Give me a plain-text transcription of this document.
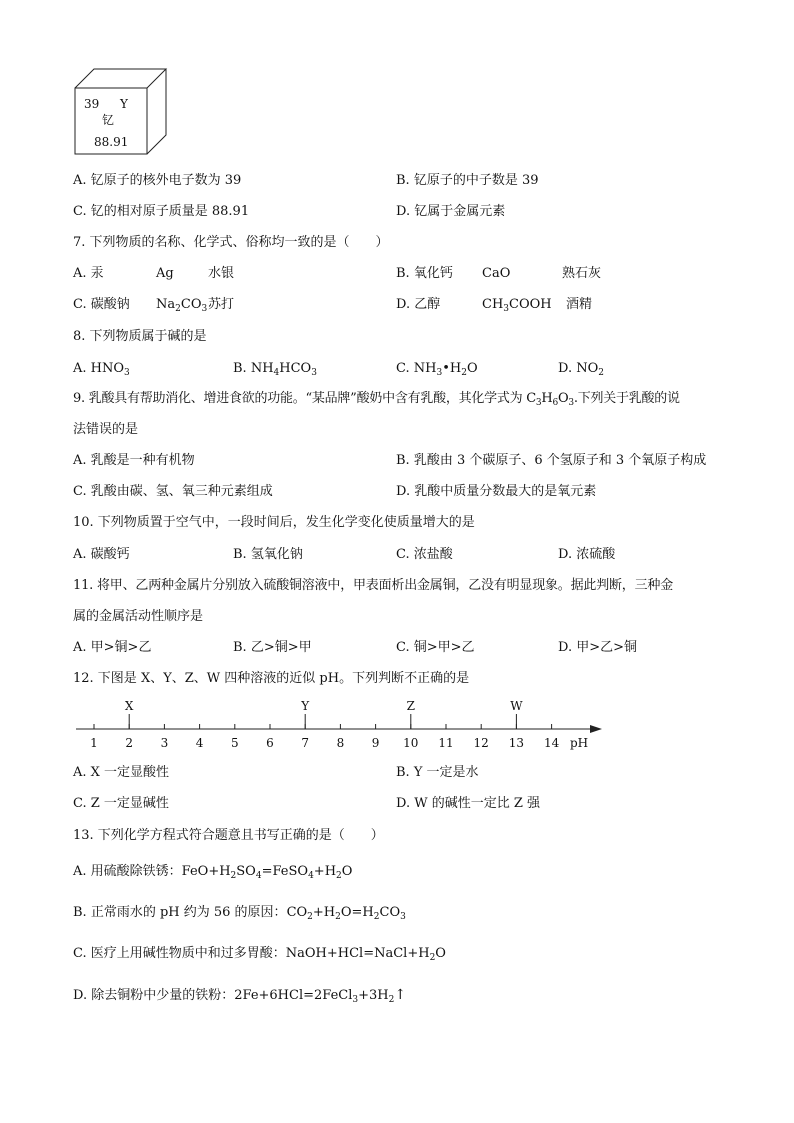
39 Y
钇
88.91
A. 钇原子的核外电子数为 39	B. 钇原子的中子数是 39
C. 钇的相对原子质量是 88.91	D. 钇属于金属元素
7. 下列物质的名称、化学式、俗称均一致的是（　　）
A. 汞	Ag	水银	B. 氧化钙 CaO	熟石灰
C. 碳酸钠 $Na_2CO_3$ 苏打	D. 乙醇	$CH_3COOH$ 酒精
8. 下列物质属于碱的是
A. $HNO_3$	B. $NH_4HCO_3$	C. $NH_3•H_2O$	D. $NO_2$
9. 乳酸具有帮助消化、增进食欲的功能。“某品牌”酸奶中含有乳酸，其化学式为 $C_3H_6O_3$.下列关于乳酸的说
法错误的是
A. 乳酸是一种有机物	B. 乳酸由 3 个碳原子、6 个氢原子和 3 个氧原子构成
C. 乳酸由碳、氢、氧三种元素组成	D. 乳酸中质量分数最大的是氧元素
10. 下列物质置于空气中，一段时间后，发生化学变化使质量增大的是
A. 碳酸钙	B. 氢氧化钠	C. 浓盐酸	D. 浓硫酸
11. 将甲、乙两种金属片分别放入硫酸铜溶液中，甲表面析出金属铜，乙没有明显现象。据此判断，三种金
属的金属活动性顺序是
A. 甲>铜>乙	B. 乙>铜>甲	C. 铜>甲>乙	D. 甲>乙>铜
12. 下图是 X、Y、Z、W 四种溶液的近似 pH。下列判断不正确的是
1 2 3 4 5 6 7 8 9 10 11 12 13 14
X	Y	Z	W
pH
A. X 一定显酸性	B. Y 一定是水
C. Z 一定显碱性	D. W 的碱性一定比 Z 强
13. 下列化学方程式符合题意且书写正确的是（　　）
A. 用硫酸除铁锈：$FeO+H_2SO_4=FeSO_4+H_2O$
B. 正常雨水的 pH 约为 56 的原因：$CO_2+H_2O=H_2CO_3$
C. 医疗上用碱性物质中和过多胃酸：$NaOH+HCl=NaCl+H_2O$
D. 除去铜粉中少量的铁粉：$2Fe+6HCl=2FeCl_3+3H_2↑$
